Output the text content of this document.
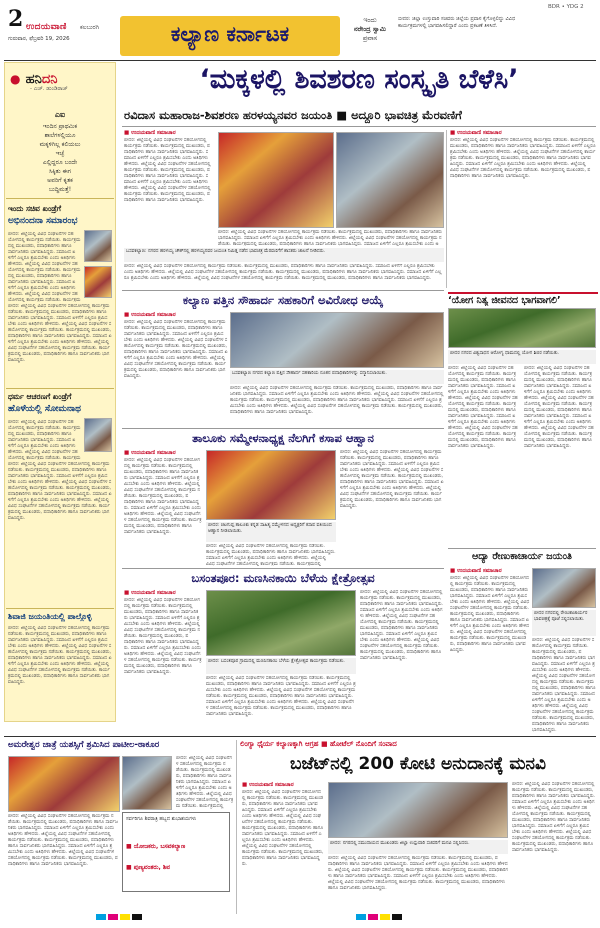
2 ಉದಯವಾಣಿ ಕಲಬುರಗಿ
ಗುರುವಾರ, ಫೆಬ್ರವರಿ 19, 2026	ಕಲ್ಯಾಣ ಕರ್ನಾಟಕ
ಇಂದು
ನರೇಂದ್ರ ಸ್ವಾಮಿ
ಪ್ರವಾಸ
ಬೀದರ: ಜಿಲ್ಲಾ ಉಸ್ತುವಾರಿ ಸಚಿವರು ಜಿಲ್ಲೆಯ ಪ್ರವಾಸ ಕೈಗೊಳ್ಳಲಿದ್ದು ವಿವಿಧ ಕಾರ್ಯಕ್ರಮಗಳಲ್ಲಿ ಭಾಗವಹಿಸಲಿದ್ದಾರೆ ಎಂದು ಪ್ರಕಟಣೆ ತಿಳಿಸಿದೆ.
BDR • YDG 2
● ಹನಿದನಿ
- ಎಚ್. ಡುಂಡಿರಾಜ್
ಎಐ
ಇಂದಿನ ಪ್ರಾಥಮಿಕ
ಶಾಲೆಗಳಲ್ಲಿಯೂ
ಮಕ್ಕಳಿಗಿಲ್ಲ ಕಲಿಯಲು
ಇಚ್ಛೆ
ಎಲ್ಲಿದ್ದರೂ ಬಂದೇ
ಸಿಕ್ಕಿತು ಈಗ
ಅವರಿಗೆ ಕೃತಕ
ಬುದ್ಧಿಮತ್ತೆ!
ಇಂದು ಸಚಿವ ಖಂಡ್ರೆಗೆ
ಅಭಿನಂದನಾ ಸಮಾರಂಭ
ಬೀದರ: ಜಿಲ್ಲೆಯಲ್ಲಿ ವಿವಿಧ ಸಂಘಟನೆಗಳ ಸಹಯೋಗದಲ್ಲಿ ಕಾರ್ಯಕ್ರಮ ನಡೆಯಿತು. ಕಾರ್ಯಕ್ರಮದಲ್ಲಿ ಮುಖಂಡರು, ಪದಾಧಿಕಾರಿಗಳು ಹಾಗೂ ಸಾರ್ವಜನಿಕರು ಭಾಗವಹಿಸಿದ್ದರು. ಸಮಾಜದ ಏಳಿಗೆಗೆ ಎಲ್ಲರೂ ಶ್ರಮಿಸಬೇಕು ಎಂದು ಅತಿಥಿಗಳು ಹೇಳಿದರು. ಜಿಲ್ಲೆಯಲ್ಲಿ ವಿವಿಧ ಸಂಘಟನೆಗಳ ಸಹಯೋಗದಲ್ಲಿ ಕಾರ್ಯಕ್ರಮ ನಡೆಯಿತು. ಕಾರ್ಯಕ್ರಮದಲ್ಲಿ ಮುಖಂಡರು, ಪದಾಧಿಕಾರಿಗಳು ಹಾಗೂ ಸಾರ್ವಜನಿಕರು ಭಾಗವಹಿಸಿದ್ದರು. ಸಮಾಜದ ಏಳಿಗೆಗೆ ಎಲ್ಲರೂ ಶ್ರಮಿಸಬೇಕು ಎಂದು ಅತಿಥಿಗಳು ಹೇಳಿದರು. ಜಿಲ್ಲೆಯಲ್ಲಿ ವಿವಿಧ ಸಂಘಟನೆಗಳ ಸಹಯೋಗದಲ್ಲಿ ಕಾರ್ಯಕ್ರಮ ನಡೆಯಿತು. ಕಾರ್ಯಕ್ರಮ
ಬೀದರ: ಜಿಲ್ಲೆಯಲ್ಲಿ ವಿವಿಧ ಸಂಘಟನೆಗಳ ಸಹಯೋಗದಲ್ಲಿ ಕಾರ್ಯಕ್ರಮ ನಡೆಯಿತು. ಕಾರ್ಯಕ್ರಮದಲ್ಲಿ ಮುಖಂಡರು, ಪದಾಧಿಕಾರಿಗಳು ಹಾಗೂ ಸಾರ್ವಜನಿಕರು ಭಾಗವಹಿಸಿದ್ದರು. ಸಮಾಜದ ಏಳಿಗೆಗೆ ಎಲ್ಲರೂ ಶ್ರಮಿಸಬೇಕು ಎಂದು ಅತಿಥಿಗಳು ಹೇಳಿದರು. ಜಿಲ್ಲೆಯಲ್ಲಿ ವಿವಿಧ ಸಂಘಟನೆಗಳ ಸಹಯೋಗದಲ್ಲಿ ಕಾರ್ಯಕ್ರಮ ನಡೆಯಿತು. ಕಾರ್ಯಕ್ರಮದಲ್ಲಿ ಮುಖಂಡರು, ಪದಾಧಿಕಾರಿಗಳು ಹಾಗೂ ಸಾರ್ವಜನಿಕರು ಭಾಗವಹಿಸಿದ್ದರು. ಸಮಾಜದ ಏಳಿಗೆಗೆ ಎಲ್ಲರೂ ಶ್ರಮಿಸಬೇಕು ಎಂದು ಅತಿಥಿಗಳು ಹೇಳಿದರು. ಜಿಲ್ಲೆಯಲ್ಲಿ ವಿವಿಧ ಸಂಘಟನೆಗಳ ಸಹಯೋಗದಲ್ಲಿ ಕಾರ್ಯಕ್ರಮ ನಡೆಯಿತು. ಕಾರ್ಯಕ್ರಮದಲ್ಲಿ ಮುಖಂಡರು, ಪದಾಧಿಕಾರಿಗಳು ಹಾಗೂ ಸಾರ್ವಜನಿಕರು ಭಾಗವಹಿಸಿದ್ದರು.
ಧರ್ಮ ಆಚರಣಗೆ ಖಂಡ್ರೆಗೆ
ಹೊಳೆಯಲ್ಲಿ ಸೋಮನಾಥ
ಬೀದರ: ಜಿಲ್ಲೆಯಲ್ಲಿ ವಿವಿಧ ಸಂಘಟನೆಗಳ ಸಹಯೋಗದಲ್ಲಿ ಕಾರ್ಯಕ್ರಮ ನಡೆಯಿತು. ಕಾರ್ಯಕ್ರಮದಲ್ಲಿ ಮುಖಂಡರು, ಪದಾಧಿಕಾರಿಗಳು ಹಾಗೂ ಸಾರ್ವಜನಿಕರು ಭಾಗವಹಿಸಿದ್ದರು. ಸಮಾಜದ ಏಳಿಗೆಗೆ ಎಲ್ಲರೂ ಶ್ರಮಿಸಬೇಕು ಎಂದು ಅತಿಥಿಗಳು ಹೇಳಿದರು. ಜಿಲ್ಲೆಯಲ್ಲಿ ವಿವಿಧ ಸಂಘಟನೆಗಳ ಸಹಯೋಗದಲ್ಲಿ ಕಾರ್ಯಕ್ರಮ ನಡೆಯಿತು. ಕಾರ್ಯಕ್ರಮ
ಬೀದರ: ಜಿಲ್ಲೆಯಲ್ಲಿ ವಿವಿಧ ಸಂಘಟನೆಗಳ ಸಹಯೋಗದಲ್ಲಿ ಕಾರ್ಯಕ್ರಮ ನಡೆಯಿತು. ಕಾರ್ಯಕ್ರಮದಲ್ಲಿ ಮುಖಂಡರು, ಪದಾಧಿಕಾರಿಗಳು ಹಾಗೂ ಸಾರ್ವಜನಿಕರು ಭಾಗವಹಿಸಿದ್ದರು. ಸಮಾಜದ ಏಳಿಗೆಗೆ ಎಲ್ಲರೂ ಶ್ರಮಿಸಬೇಕು ಎಂದು ಅತಿಥಿಗಳು ಹೇಳಿದರು. ಜಿಲ್ಲೆಯಲ್ಲಿ ವಿವಿಧ ಸಂಘಟನೆಗಳ ಸಹಯೋಗದಲ್ಲಿ ಕಾರ್ಯಕ್ರಮ ನಡೆಯಿತು. ಕಾರ್ಯಕ್ರಮದಲ್ಲಿ ಮುಖಂಡರು, ಪದಾಧಿಕಾರಿಗಳು ಹಾಗೂ ಸಾರ್ವಜನಿಕರು ಭಾಗವಹಿಸಿದ್ದರು. ಸಮಾಜದ ಏಳಿಗೆಗೆ ಎಲ್ಲರೂ ಶ್ರಮಿಸಬೇಕು ಎಂದು ಅತಿಥಿಗಳು ಹೇಳಿದರು. ಜಿಲ್ಲೆಯಲ್ಲಿ ವಿವಿಧ ಸಂಘಟನೆಗಳ ಸಹಯೋಗದಲ್ಲಿ ಕಾರ್ಯಕ್ರಮ ನಡೆಯಿತು. ಕಾರ್ಯಕ್ರಮದಲ್ಲಿ ಮುಖಂಡರು, ಪದಾಧಿಕಾರಿಗಳು ಹಾಗೂ ಸಾರ್ವಜನಿಕರು ಭಾಗವಹಿಸಿದ್ದರು.
ಶಿವಾಜಿ ಜಯಂತಿಯಲ್ಲಿ ಪಾಲ್ಗೊಳ್ಳಿ
ಬೀದರ: ಜಿಲ್ಲೆಯಲ್ಲಿ ವಿವಿಧ ಸಂಘಟನೆಗಳ ಸಹಯೋಗದಲ್ಲಿ ಕಾರ್ಯಕ್ರಮ ನಡೆಯಿತು. ಕಾರ್ಯಕ್ರಮದಲ್ಲಿ ಮುಖಂಡರು, ಪದಾಧಿಕಾರಿಗಳು ಹಾಗೂ ಸಾರ್ವಜನಿಕರು ಭಾಗವಹಿಸಿದ್ದರು. ಸಮಾಜದ ಏಳಿಗೆಗೆ ಎಲ್ಲರೂ ಶ್ರಮಿಸಬೇಕು ಎಂದು ಅತಿಥಿಗಳು ಹೇಳಿದರು. ಜಿಲ್ಲೆಯಲ್ಲಿ ವಿವಿಧ ಸಂಘಟನೆಗಳ ಸಹಯೋಗದಲ್ಲಿ ಕಾರ್ಯಕ್ರಮ ನಡೆಯಿತು. ಕಾರ್ಯಕ್ರಮದಲ್ಲಿ ಮುಖಂಡರು, ಪದಾಧಿಕಾರಿಗಳು ಹಾಗೂ ಸಾರ್ವಜನಿಕರು ಭಾಗವಹಿಸಿದ್ದರು. ಸಮಾಜದ ಏಳಿಗೆಗೆ ಎಲ್ಲರೂ ಶ್ರಮಿಸಬೇಕು ಎಂದು ಅತಿಥಿಗಳು ಹೇಳಿದರು. ಜಿಲ್ಲೆಯಲ್ಲಿ ವಿವಿಧ ಸಂಘಟನೆಗಳ ಸಹಯೋಗದಲ್ಲಿ ಕಾರ್ಯಕ್ರಮ ನಡೆಯಿತು. ಕಾರ್ಯಕ್ರಮದಲ್ಲಿ ಮುಖಂಡರು, ಪದಾಧಿಕಾರಿಗಳು ಹಾಗೂ ಸಾರ್ವಜನಿಕರು ಭಾಗವಹಿಸಿದ್ದರು.
‘ಮಕ್ಕಳಲ್ಲಿ ಶಿವಶರಣ ಸಂಸ್ಕೃತಿ ಬೆಳೆಸಿ’
ರವಿದಾಸ ಮಹಾರಾಜ-ಶಿವಶರಣ ಹರಳಯ್ಯನವರ ಜಯಂತಿ ■ ಅದ್ದೂರಿ ಭಾವಚಿತ್ರ ಮೆರವಣಿಗೆ
■ ಉದಯವಾಣಿ ಸಮಾಚಾರ
ಬೀದರ: ಜಿಲ್ಲೆಯಲ್ಲಿ ವಿವಿಧ ಸಂಘಟನೆಗಳ ಸಹಯೋಗದಲ್ಲಿ ಕಾರ್ಯಕ್ರಮ ನಡೆಯಿತು. ಕಾರ್ಯಕ್ರಮದಲ್ಲಿ ಮುಖಂಡರು, ಪದಾಧಿಕಾರಿಗಳು ಹಾಗೂ ಸಾರ್ವಜನಿಕರು ಭಾಗವಹಿಸಿದ್ದರು. ಸಮಾಜದ ಏಳಿಗೆಗೆ ಎಲ್ಲರೂ ಶ್ರಮಿಸಬೇಕು ಎಂದು ಅತಿಥಿಗಳು ಹೇಳಿದರು. ಜಿಲ್ಲೆಯಲ್ಲಿ ವಿವಿಧ ಸಂಘಟನೆಗಳ ಸಹಯೋಗದಲ್ಲಿ ಕಾರ್ಯಕ್ರಮ ನಡೆಯಿತು. ಕಾರ್ಯಕ್ರಮದಲ್ಲಿ ಮುಖಂಡರು, ಪದಾಧಿಕಾರಿಗಳು ಹಾಗೂ ಸಾರ್ವಜನಿಕರು ಭಾಗವಹಿಸಿದ್ದರು. ಸಮಾಜದ ಏಳಿಗೆಗೆ ಎಲ್ಲರೂ ಶ್ರಮಿಸಬೇಕು ಎಂದು ಅತಿಥಿಗಳು ಹೇಳಿದರು. ಜಿಲ್ಲೆಯಲ್ಲಿ ವಿವಿಧ ಸಂಘಟನೆಗಳ ಸಹಯೋಗದಲ್ಲಿ ಕಾರ್ಯಕ್ರಮ ನಡೆಯಿತು. ಕಾರ್ಯಕ್ರಮದಲ್ಲಿ ಮುಖಂಡರು, ಪದಾಧಿಕಾರಿಗಳು ಹಾಗೂ ಸಾರ್ವಜನಿಕರು ಭಾಗವಹಿಸಿದ್ದರು.
ಬೀದರ: ಜಿಲ್ಲೆಯಲ್ಲಿ ವಿವಿಧ ಸಂಘಟನೆಗಳ ಸಹಯೋಗದಲ್ಲಿ ಕಾರ್ಯಕ್ರಮ ನಡೆಯಿತು. ಕಾರ್ಯಕ್ರಮದಲ್ಲಿ ಮುಖಂಡರು, ಪದಾಧಿಕಾರಿಗಳು ಹಾಗೂ ಸಾರ್ವಜನಿಕರು ಭಾಗವಹಿಸಿದ್ದರು. ಸಮಾಜದ ಏಳಿಗೆಗೆ ಎಲ್ಲರೂ ಶ್ರಮಿಸಬೇಕು ಎಂದು ಅತಿಥಿಗಳು ಹೇಳಿದರು. ಜಿಲ್ಲೆಯಲ್ಲಿ ವಿವಿಧ ಸಂಘಟನೆಗಳ ಸಹಯೋಗದಲ್ಲಿ ಕಾರ್ಯಕ್ರಮ ನಡೆಯಿತು. ಕಾರ್ಯಕ್ರಮದಲ್ಲಿ ಮುಖಂಡರು, ಪದಾಧಿಕಾರಿಗಳು ಹಾಗೂ ಸಾರ್ವಜನಿಕರು ಭಾಗವಹಿಸಿದ್ದರು. ಸಮಾಜದ ಏಳಿಗೆಗೆ ಎಲ್ಲರೂ ಶ್ರಮಿಸಬೇಕು ಎಂದು ಅ
■ ಉದಯವಾಣಿ ಸಮಾಚಾರ
ಬೀದರ: ಜಿಲ್ಲೆಯಲ್ಲಿ ವಿವಿಧ ಸಂಘಟನೆಗಳ ಸಹಯೋಗದಲ್ಲಿ ಕಾರ್ಯಕ್ರಮ ನಡೆಯಿತು. ಕಾರ್ಯಕ್ರಮದಲ್ಲಿ ಮುಖಂಡರು, ಪದಾಧಿಕಾರಿಗಳು ಹಾಗೂ ಸಾರ್ವಜನಿಕರು ಭಾಗವಹಿಸಿದ್ದರು. ಸಮಾಜದ ಏಳಿಗೆಗೆ ಎಲ್ಲರೂ ಶ್ರಮಿಸಬೇಕು ಎಂದು ಅತಿಥಿಗಳು ಹೇಳಿದರು. ಜಿಲ್ಲೆಯಲ್ಲಿ ವಿವಿಧ ಸಂಘಟನೆಗಳ ಸಹಯೋಗದಲ್ಲಿ ಕಾರ್ಯಕ್ರಮ ನಡೆಯಿತು. ಕಾರ್ಯಕ್ರಮದಲ್ಲಿ ಮುಖಂಡರು, ಪದಾಧಿಕಾರಿಗಳು ಹಾಗೂ ಸಾರ್ವಜನಿಕರು ಭಾಗವಹಿಸಿದ್ದರು. ಸಮಾಜದ ಏಳಿಗೆಗೆ ಎಲ್ಲರೂ ಶ್ರಮಿಸಬೇಕು ಎಂದು ಅತಿಥಿಗಳು ಹೇಳಿದರು. ಜಿಲ್ಲೆಯಲ್ಲಿ ವಿವಿಧ ಸಂಘಟನೆಗಳ ಸಹಯೋಗದಲ್ಲಿ ಕಾರ್ಯಕ್ರಮ ನಡೆಯಿತು. ಕಾರ್ಯಕ್ರಮದಲ್ಲಿ ಮುಖಂಡರು, ಪದಾಧಿಕಾರಿಗಳು ಹಾಗೂ ಸಾರ್ವಜನಿಕರು ಭಾಗವಹಿಸಿದ್ದರು.
ಬಸವಕಲ್ಯಾಣ: ನಗರದ ಹರಳಯ್ಯ ಚೌಕ್‌ನಲ್ಲಿ ಹರಳಯ್ಯನವರ ಜಯಂತಿ ನಿಮಿತ್ತ ನಡೆದ ಭಾವಚಿತ್ರ ಮೆರವಣಿಗೆಗೆ ಶಾಸಕರು ಚಾಲನೆ ನೀಡಿದರು.
ಬೀದರ: ಜಿಲ್ಲೆಯಲ್ಲಿ ವಿವಿಧ ಸಂಘಟನೆಗಳ ಸಹಯೋಗದಲ್ಲಿ ಕಾರ್ಯಕ್ರಮ ನಡೆಯಿತು. ಕಾರ್ಯಕ್ರಮದಲ್ಲಿ ಮುಖಂಡರು, ಪದಾಧಿಕಾರಿಗಳು ಹಾಗೂ ಸಾರ್ವಜನಿಕರು ಭಾಗವಹಿಸಿದ್ದರು. ಸಮಾಜದ ಏಳಿಗೆಗೆ ಎಲ್ಲರೂ ಶ್ರಮಿಸಬೇಕು ಎಂದು ಅತಿಥಿಗಳು ಹೇಳಿದರು. ಜಿಲ್ಲೆಯಲ್ಲಿ ವಿವಿಧ ಸಂಘಟನೆಗಳ ಸಹಯೋಗದಲ್ಲಿ ಕಾರ್ಯಕ್ರಮ ನಡೆಯಿತು. ಕಾರ್ಯಕ್ರಮದಲ್ಲಿ ಮುಖಂಡರು, ಪದಾಧಿಕಾರಿಗಳು ಹಾಗೂ ಸಾರ್ವಜನಿಕರು ಭಾಗವಹಿಸಿದ್ದರು. ಸಮಾಜದ ಏಳಿಗೆಗೆ ಎಲ್ಲರೂ ಶ್ರಮಿಸಬೇಕು ಎಂದು ಅತಿಥಿಗಳು ಹೇಳಿದರು. ಜಿಲ್ಲೆಯಲ್ಲಿ ವಿವಿಧ ಸಂಘಟನೆಗಳ ಸಹಯೋಗದಲ್ಲಿ ಕಾರ್ಯಕ್ರಮ ನಡೆಯಿತು. ಕಾರ್ಯಕ್ರಮದಲ್ಲಿ ಮುಖಂಡರು, ಪದಾಧಿಕಾರಿಗಳು ಹಾಗೂ ಸಾರ್ವಜನಿಕರು ಭಾಗವಹಿಸಿದ್ದರು.
ಕಲ್ಯಾಣ ಪತ್ತಿನ ಸೌಹಾರ್ದ ಸಹಕಾರಿಗೆ ಅವಿರೋಧ ಆಯ್ಕೆ
■ ಉದಯವಾಣಿ ಸಮಾಚಾರ
ಬೀದರ: ಜಿಲ್ಲೆಯಲ್ಲಿ ವಿವಿಧ ಸಂಘಟನೆಗಳ ಸಹಯೋಗದಲ್ಲಿ ಕಾರ್ಯಕ್ರಮ ನಡೆಯಿತು. ಕಾರ್ಯಕ್ರಮದಲ್ಲಿ ಮುಖಂಡರು, ಪದಾಧಿಕಾರಿಗಳು ಹಾಗೂ ಸಾರ್ವಜನಿಕರು ಭಾಗವಹಿಸಿದ್ದರು. ಸಮಾಜದ ಏಳಿಗೆಗೆ ಎಲ್ಲರೂ ಶ್ರಮಿಸಬೇಕು ಎಂದು ಅತಿಥಿಗಳು ಹೇಳಿದರು. ಜಿಲ್ಲೆಯಲ್ಲಿ ವಿವಿಧ ಸಂಘಟನೆಗಳ ಸಹಯೋಗದಲ್ಲಿ ಕಾರ್ಯಕ್ರಮ ನಡೆಯಿತು. ಕಾರ್ಯಕ್ರಮದಲ್ಲಿ ಮುಖಂಡರು, ಪದಾಧಿಕಾರಿಗಳು ಹಾಗೂ ಸಾರ್ವಜನಿಕರು ಭಾಗವಹಿಸಿದ್ದರು. ಸಮಾಜದ ಏಳಿಗೆಗೆ ಎಲ್ಲರೂ ಶ್ರಮಿಸಬೇಕು ಎಂದು ಅತಿಥಿಗಳು ಹೇಳಿದರು. ಜಿಲ್ಲೆಯಲ್ಲಿ ವಿವಿಧ ಸಂಘಟನೆಗಳ ಸಹಯೋಗದಲ್ಲಿ ಕಾರ್ಯಕ್ರಮ ನಡೆಯಿತು. ಕಾರ್ಯಕ್ರಮದಲ್ಲಿ ಮುಖಂಡರು, ಪದಾಧಿಕಾರಿಗಳು ಹಾಗೂ ಸಾರ್ವಜನಿಕರು ಭಾಗವಹಿಸಿದ್ದರು.
ಬಸವಕಲ್ಯಾಣ ನಗರದ ಕಲ್ಯಾಣ ಪತ್ತಿನ ಸೌಹಾರ್ದ ಸಹಕಾರಿಯ ನೂತನ ಪದಾಧಿಕಾರಿಗಳನ್ನು ಸನ್ಮಾನಿಸಲಾಯಿತು.
ಬೀದರ: ಜಿಲ್ಲೆಯಲ್ಲಿ ವಿವಿಧ ಸಂಘಟನೆಗಳ ಸಹಯೋಗದಲ್ಲಿ ಕಾರ್ಯಕ್ರಮ ನಡೆಯಿತು. ಕಾರ್ಯಕ್ರಮದಲ್ಲಿ ಮುಖಂಡರು, ಪದಾಧಿಕಾರಿಗಳು ಹಾಗೂ ಸಾರ್ವಜನಿಕರು ಭಾಗವಹಿಸಿದ್ದರು. ಸಮಾಜದ ಏಳಿಗೆಗೆ ಎಲ್ಲರೂ ಶ್ರಮಿಸಬೇಕು ಎಂದು ಅತಿಥಿಗಳು ಹೇಳಿದರು. ಜಿಲ್ಲೆಯಲ್ಲಿ ವಿವಿಧ ಸಂಘಟನೆಗಳ ಸಹಯೋಗದಲ್ಲಿ ಕಾರ್ಯಕ್ರಮ ನಡೆಯಿತು. ಕಾರ್ಯಕ್ರಮದಲ್ಲಿ ಮುಖಂಡರು, ಪದಾಧಿಕಾರಿಗಳು ಹಾಗೂ ಸಾರ್ವಜನಿಕರು ಭಾಗವಹಿಸಿದ್ದರು. ಸಮಾಜದ ಏಳಿಗೆಗೆ ಎಲ್ಲರೂ ಶ್ರಮಿಸಬೇಕು ಎಂದು ಅತಿಥಿಗಳು ಹೇಳಿದರು. ಜಿಲ್ಲೆಯಲ್ಲಿ ವಿವಿಧ ಸಂಘಟನೆಗಳ ಸಹಯೋಗದಲ್ಲಿ ಕಾರ್ಯಕ್ರಮ ನಡೆಯಿತು. ಕಾರ್ಯಕ್ರಮದಲ್ಲಿ ಮುಖಂಡರು, ಪದಾಧಿಕಾರಿಗಳು ಹಾಗೂ ಸಾರ್ವಜನಿಕರು ಭಾಗವಹಿಸಿದ್ದರು.
‘ಯೋಗ ನಿತ್ಯ ಜೀವನದ ಭಾಗವಾಗಲಿ’
ಬೀದರ ನಗರದ ವಿಶ್ವಸಾಧನ ಆರೋಗ್ಯ ಧಾಮದಲ್ಲಿ ಯೋಗ ಶಿಬಿರ ನಡೆಯಿತು.
ಬೀದರ: ಜಿಲ್ಲೆಯಲ್ಲಿ ವಿವಿಧ ಸಂಘಟನೆಗಳ ಸಹಯೋಗದಲ್ಲಿ ಕಾರ್ಯಕ್ರಮ ನಡೆಯಿತು. ಕಾರ್ಯಕ್ರಮದಲ್ಲಿ ಮುಖಂಡರು, ಪದಾಧಿಕಾರಿಗಳು ಹಾಗೂ ಸಾರ್ವಜನಿಕರು ಭಾಗವಹಿಸಿದ್ದರು. ಸಮಾಜದ ಏಳಿಗೆಗೆ ಎಲ್ಲರೂ ಶ್ರಮಿಸಬೇಕು ಎಂದು ಅತಿಥಿಗಳು ಹೇಳಿದರು. ಜಿಲ್ಲೆಯಲ್ಲಿ ವಿವಿಧ ಸಂಘಟನೆಗಳ ಸಹಯೋಗದಲ್ಲಿ ಕಾರ್ಯಕ್ರಮ ನಡೆಯಿತು. ಕಾರ್ಯಕ್ರಮದಲ್ಲಿ ಮುಖಂಡರು, ಪದಾಧಿಕಾರಿಗಳು ಹಾಗೂ ಸಾರ್ವಜನಿಕರು ಭಾಗವಹಿಸಿದ್ದರು. ಸಮಾಜದ ಏಳಿಗೆಗೆ ಎಲ್ಲರೂ ಶ್ರಮಿಸಬೇಕು ಎಂದು ಅತಿಥಿಗಳು ಹೇಳಿದರು. ಜಿಲ್ಲೆಯಲ್ಲಿ ವಿವಿಧ ಸಂಘಟನೆಗಳ ಸಹಯೋಗದಲ್ಲಿ ಕಾರ್ಯಕ್ರಮ ನಡೆಯಿತು. ಕಾರ್ಯಕ್ರಮದಲ್ಲಿ ಮುಖಂಡರು, ಪದಾಧಿಕಾರಿಗಳು ಹಾಗೂ ಸಾರ್ವಜನಿಕರು ಭಾಗವಹಿಸಿದ್ದರು.
ಬೀದರ: ಜಿಲ್ಲೆಯಲ್ಲಿ ವಿವಿಧ ಸಂಘಟನೆಗಳ ಸಹಯೋಗದಲ್ಲಿ ಕಾರ್ಯಕ್ರಮ ನಡೆಯಿತು. ಕಾರ್ಯಕ್ರಮದಲ್ಲಿ ಮುಖಂಡರು, ಪದಾಧಿಕಾರಿಗಳು ಹಾಗೂ ಸಾರ್ವಜನಿಕರು ಭಾಗವಹಿಸಿದ್ದರು. ಸಮಾಜದ ಏಳಿಗೆಗೆ ಎಲ್ಲರೂ ಶ್ರಮಿಸಬೇಕು ಎಂದು ಅತಿಥಿಗಳು ಹೇಳಿದರು. ಜಿಲ್ಲೆಯಲ್ಲಿ ವಿವಿಧ ಸಂಘಟನೆಗಳ ಸಹಯೋಗದಲ್ಲಿ ಕಾರ್ಯಕ್ರಮ ನಡೆಯಿತು. ಕಾರ್ಯಕ್ರಮದಲ್ಲಿ ಮುಖಂಡರು, ಪದಾಧಿಕಾರಿಗಳು ಹಾಗೂ ಸಾರ್ವಜನಿಕರು ಭಾಗವಹಿಸಿದ್ದರು. ಸಮಾಜದ ಏಳಿಗೆಗೆ ಎಲ್ಲರೂ ಶ್ರಮಿಸಬೇಕು ಎಂದು ಅತಿಥಿಗಳು ಹೇಳಿದರು. ಜಿಲ್ಲೆಯಲ್ಲಿ ವಿವಿಧ ಸಂಘಟನೆಗಳ ಸಹಯೋಗದಲ್ಲಿ ಕಾರ್ಯಕ್ರಮ ನಡೆಯಿತು. ಕಾರ್ಯಕ್ರಮದಲ್ಲಿ ಮುಖಂಡರು, ಪದಾಧಿಕಾರಿಗಳು ಹಾಗೂ ಸಾರ್ವಜನಿಕರು ಭಾಗವಹಿಸಿದ್ದರು.
ತಾಲೂಕು ಸಮ್ಮೇಳನಾಧ್ಯಕ್ಷ ನೆಲಗಿಗೆ ಕಸಾಪ ಆಹ್ವಾನ
■ ಉದಯವಾಣಿ ಸಮಾಚಾರ
ಬೀದರ: ಜಿಲ್ಲೆಯಲ್ಲಿ ವಿವಿಧ ಸಂಘಟನೆಗಳ ಸಹಯೋಗದಲ್ಲಿ ಕಾರ್ಯಕ್ರಮ ನಡೆಯಿತು. ಕಾರ್ಯಕ್ರಮದಲ್ಲಿ ಮುಖಂಡರು, ಪದಾಧಿಕಾರಿಗಳು ಹಾಗೂ ಸಾರ್ವಜನಿಕರು ಭಾಗವಹಿಸಿದ್ದರು. ಸಮಾಜದ ಏಳಿಗೆಗೆ ಎಲ್ಲರೂ ಶ್ರಮಿಸಬೇಕು ಎಂದು ಅತಿಥಿಗಳು ಹೇಳಿದರು. ಜಿಲ್ಲೆಯಲ್ಲಿ ವಿವಿಧ ಸಂಘಟನೆಗಳ ಸಹಯೋಗದಲ್ಲಿ ಕಾರ್ಯಕ್ರಮ ನಡೆಯಿತು. ಕಾರ್ಯಕ್ರಮದಲ್ಲಿ ಮುಖಂಡರು, ಪದಾಧಿಕಾರಿಗಳು ಹಾಗೂ ಸಾರ್ವಜನಿಕರು ಭಾಗವಹಿಸಿದ್ದರು. ಸಮಾಜದ ಏಳಿಗೆಗೆ ಎಲ್ಲರೂ ಶ್ರಮಿಸಬೇಕು ಎಂದು ಅತಿಥಿಗಳು ಹೇಳಿದರು. ಜಿಲ್ಲೆಯಲ್ಲಿ ವಿವಿಧ ಸಂಘಟನೆಗಳ ಸಹಯೋಗದಲ್ಲಿ ಕಾರ್ಯಕ್ರಮ ನಡೆಯಿತು. ಕಾರ್ಯಕ್ರಮದಲ್ಲಿ ಮುಖಂಡರು, ಪದಾಧಿಕಾರಿಗಳು ಹಾಗೂ ಸಾರ್ವಜನಿಕರು ಭಾಗವಹಿಸಿದ್ದರು.
ಬೀದರ: ಚಿಟಗುಪ್ಪ ತಾಲೂಕು ಕನ್ನಡ ಸಾಹಿತ್ಯ ಸಮ್ಮೇಳನದ ಅಧ್ಯಕ್ಷರಿಗೆ ಕಸಾಪ ವತಿಯಿಂದ ಆಹ್ವಾನ ನೀಡಲಾಯಿತು.
ಬೀದರ: ಜಿಲ್ಲೆಯಲ್ಲಿ ವಿವಿಧ ಸಂಘಟನೆಗಳ ಸಹಯೋಗದಲ್ಲಿ ಕಾರ್ಯಕ್ರಮ ನಡೆಯಿತು. ಕಾರ್ಯಕ್ರಮದಲ್ಲಿ ಮುಖಂಡರು, ಪದಾಧಿಕಾರಿಗಳು ಹಾಗೂ ಸಾರ್ವಜನಿಕರು ಭಾಗವಹಿಸಿದ್ದರು. ಸಮಾಜದ ಏಳಿಗೆಗೆ ಎಲ್ಲರೂ ಶ್ರಮಿಸಬೇಕು ಎಂದು ಅತಿಥಿಗಳು ಹೇಳಿದರು. ಜಿಲ್ಲೆಯಲ್ಲಿ ವಿವಿಧ ಸಂಘಟನೆಗಳ ಸಹಯೋಗದಲ್ಲಿ ಕಾರ್ಯಕ್ರಮ ನಡೆಯಿತು. ಕಾರ್ಯಕ್ರಮದಲ್ಲಿ
ಬೀದರ: ಜಿಲ್ಲೆಯಲ್ಲಿ ವಿವಿಧ ಸಂಘಟನೆಗಳ ಸಹಯೋಗದಲ್ಲಿ ಕಾರ್ಯಕ್ರಮ ನಡೆಯಿತು. ಕಾರ್ಯಕ್ರಮದಲ್ಲಿ ಮುಖಂಡರು, ಪದಾಧಿಕಾರಿಗಳು ಹಾಗೂ ಸಾರ್ವಜನಿಕರು ಭಾಗವಹಿಸಿದ್ದರು. ಸಮಾಜದ ಏಳಿಗೆಗೆ ಎಲ್ಲರೂ ಶ್ರಮಿಸಬೇಕು ಎಂದು ಅತಿಥಿಗಳು ಹೇಳಿದರು. ಜಿಲ್ಲೆಯಲ್ಲಿ ವಿವಿಧ ಸಂಘಟನೆಗಳ ಸಹಯೋಗದಲ್ಲಿ ಕಾರ್ಯಕ್ರಮ ನಡೆಯಿತು. ಕಾರ್ಯಕ್ರಮದಲ್ಲಿ ಮುಖಂಡರು, ಪದಾಧಿಕಾರಿಗಳು ಹಾಗೂ ಸಾರ್ವಜನಿಕರು ಭಾಗವಹಿಸಿದ್ದರು. ಸಮಾಜದ ಏಳಿಗೆಗೆ ಎಲ್ಲರೂ ಶ್ರಮಿಸಬೇಕು ಎಂದು ಅತಿಥಿಗಳು ಹೇಳಿದರು. ಜಿಲ್ಲೆಯಲ್ಲಿ ವಿವಿಧ ಸಂಘಟನೆಗಳ ಸಹಯೋಗದಲ್ಲಿ ಕಾರ್ಯಕ್ರಮ ನಡೆಯಿತು. ಕಾರ್ಯಕ್ರಮದಲ್ಲಿ ಮುಖಂಡರು, ಪದಾಧಿಕಾರಿಗಳು ಹಾಗೂ ಸಾರ್ವಜನಿಕರು ಭಾಗವಹಿಸಿದ್ದರು.
ಆದ್ಯಾ ರೇಣುಕಾಚಾರ್ಯ ಜಯಂತಿ
■ ಉದಯವಾಣಿ ಸಮಾಚಾರ
ಬೀದರ ನಗರದಲ್ಲಿ ರೇಣುಕಾಚಾರ್ಯರ ಭಾವಚಿತ್ರಕ್ಕೆ ಪೂಜೆ ಸಲ್ಲಿಸಲಾಯಿತು.
ಬೀದರ: ಜಿಲ್ಲೆಯಲ್ಲಿ ವಿವಿಧ ಸಂಘಟನೆಗಳ ಸಹಯೋಗದಲ್ಲಿ ಕಾರ್ಯಕ್ರಮ ನಡೆಯಿತು. ಕಾರ್ಯಕ್ರಮದಲ್ಲಿ ಮುಖಂಡರು, ಪದಾಧಿಕಾರಿಗಳು ಹಾಗೂ ಸಾರ್ವಜನಿಕರು ಭಾಗವಹಿಸಿದ್ದರು. ಸಮಾಜದ ಏಳಿಗೆಗೆ ಎಲ್ಲರೂ ಶ್ರಮಿಸಬೇಕು ಎಂದು ಅತಿಥಿಗಳು ಹೇಳಿದರು. ಜಿಲ್ಲೆಯಲ್ಲಿ ವಿವಿಧ ಸಂಘಟನೆಗಳ ಸಹಯೋಗದಲ್ಲಿ ಕಾರ್ಯಕ್ರಮ ನಡೆಯಿತು. ಕಾರ್ಯಕ್ರಮದಲ್ಲಿ ಮುಖಂಡರು, ಪದಾಧಿಕಾರಿಗಳು ಹಾಗೂ ಸಾರ್ವಜನಿಕರು ಭಾಗವಹಿಸಿದ್ದರು. ಸಮಾಜದ ಏಳಿಗೆಗೆ ಎಲ್ಲರೂ ಶ್ರಮಿಸಬೇಕು ಎಂದು ಅತಿಥಿಗಳು ಹೇಳಿದರು. ಜಿಲ್ಲೆಯಲ್ಲಿ ವಿವಿಧ ಸಂಘಟನೆಗಳ ಸಹಯೋಗದಲ್ಲಿ ಕಾರ್ಯಕ್ರಮ ನಡೆಯಿತು. ಕಾರ್ಯಕ್ರಮದಲ್ಲಿ ಮುಖಂಡರು, ಪದಾಧಿಕಾರಿಗಳು ಹಾಗೂ ಸಾರ್ವಜನಿಕರು ಭಾಗವಹಿಸಿದ್ದರು.
ಬೀದರ: ಜಿಲ್ಲೆಯಲ್ಲಿ ವಿವಿಧ ಸಂಘಟನೆಗಳ ಸಹಯೋಗದಲ್ಲಿ ಕಾರ್ಯಕ್ರಮ ನಡೆಯಿತು. ಕಾರ್ಯಕ್ರಮದಲ್ಲಿ ಮುಖಂಡರು, ಪದಾಧಿಕಾರಿಗಳು ಹಾಗೂ ಸಾರ್ವಜನಿಕರು ಭಾಗವಹಿಸಿದ್ದರು. ಸಮಾಜದ ಏಳಿಗೆಗೆ ಎಲ್ಲರೂ ಶ್ರಮಿಸಬೇಕು ಎಂದು ಅತಿಥಿಗಳು ಹೇಳಿದರು. ಜಿಲ್ಲೆಯಲ್ಲಿ ವಿವಿಧ ಸಂಘಟನೆಗಳ ಸಹಯೋಗದಲ್ಲಿ ಕಾರ್ಯಕ್ರಮ ನಡೆಯಿತು. ಕಾರ್ಯಕ್ರಮದಲ್ಲಿ ಮುಖಂಡರು, ಪದಾಧಿಕಾರಿಗಳು ಹಾಗೂ ಸಾರ್ವಜನಿಕರು ಭಾಗವಹಿಸಿದ್ದರು. ಸಮಾಜದ ಏಳಿಗೆಗೆ ಎಲ್ಲರೂ ಶ್ರಮಿಸಬೇಕು ಎಂದು ಅತಿಥಿಗಳು ಹೇಳಿದರು. ಜಿಲ್ಲೆಯಲ್ಲಿ ವಿವಿಧ ಸಂಘಟನೆಗಳ ಸಹಯೋಗದಲ್ಲಿ ಕಾರ್ಯಕ್ರಮ ನಡೆಯಿತು. ಕಾರ್ಯಕ್ರಮದಲ್ಲಿ ಮುಖಂಡರು, ಪದಾಧಿಕಾರಿಗಳು ಹಾಗೂ ಸಾರ್ವಜನಿಕರು ಭಾಗವಹಿಸಿದ್ದರು.
ಬಸಂತಪೂರ: ಮಣಸಿನಕಾಯಿ ಬೆಳೆಯ ಕ್ಷೇತ್ರೋತ್ಸವ
■ ಉದಯವಾಣಿ ಸಮಾಚಾರ
ಬೀದರ: ಜಿಲ್ಲೆಯಲ್ಲಿ ವಿವಿಧ ಸಂಘಟನೆಗಳ ಸಹಯೋಗದಲ್ಲಿ ಕಾರ್ಯಕ್ರಮ ನಡೆಯಿತು. ಕಾರ್ಯಕ್ರಮದಲ್ಲಿ ಮುಖಂಡರು, ಪದಾಧಿಕಾರಿಗಳು ಹಾಗೂ ಸಾರ್ವಜನಿಕರು ಭಾಗವಹಿಸಿದ್ದರು. ಸಮಾಜದ ಏಳಿಗೆಗೆ ಎಲ್ಲರೂ ಶ್ರಮಿಸಬೇಕು ಎಂದು ಅತಿಥಿಗಳು ಹೇಳಿದರು. ಜಿಲ್ಲೆಯಲ್ಲಿ ವಿವಿಧ ಸಂಘಟನೆಗಳ ಸಹಯೋಗದಲ್ಲಿ ಕಾರ್ಯಕ್ರಮ ನಡೆಯಿತು. ಕಾರ್ಯಕ್ರಮದಲ್ಲಿ ಮುಖಂಡರು, ಪದಾಧಿಕಾರಿಗಳು ಹಾಗೂ ಸಾರ್ವಜನಿಕರು ಭಾಗವಹಿಸಿದ್ದರು. ಸಮಾಜದ ಏಳಿಗೆಗೆ ಎಲ್ಲರೂ ಶ್ರಮಿಸಬೇಕು ಎಂದು ಅತಿಥಿಗಳು ಹೇಳಿದರು. ಜಿಲ್ಲೆಯಲ್ಲಿ ವಿವಿಧ ಸಂಘಟನೆಗಳ ಸಹಯೋಗದಲ್ಲಿ ಕಾರ್ಯಕ್ರಮ ನಡೆಯಿತು. ಕಾರ್ಯಕ್ರಮದಲ್ಲಿ ಮುಖಂಡರು, ಪದಾಧಿಕಾರಿಗಳು ಹಾಗೂ ಸಾರ್ವಜನಿಕರು ಭಾಗವಹಿಸಿದ್ದರು.
ಬೀದರ: ಬಸಂತಪೂರ ಗ್ರಾಮದಲ್ಲಿ ಮಣಸಿನಕಾಯಿ ಬೆಳೆಯ ಕ್ಷೇತ್ರೋತ್ಸವ ಕಾರ್ಯಕ್ರಮ ನಡೆಯಿತು.
ಬೀದರ: ಜಿಲ್ಲೆಯಲ್ಲಿ ವಿವಿಧ ಸಂಘಟನೆಗಳ ಸಹಯೋಗದಲ್ಲಿ ಕಾರ್ಯಕ್ರಮ ನಡೆಯಿತು. ಕಾರ್ಯಕ್ರಮದಲ್ಲಿ ಮುಖಂಡರು, ಪದಾಧಿಕಾರಿಗಳು ಹಾಗೂ ಸಾರ್ವಜನಿಕರು ಭಾಗವಹಿಸಿದ್ದರು. ಸಮಾಜದ ಏಳಿಗೆಗೆ ಎಲ್ಲರೂ ಶ್ರಮಿಸಬೇಕು ಎಂದು ಅತಿಥಿಗಳು ಹೇಳಿದರು. ಜಿಲ್ಲೆಯಲ್ಲಿ ವಿವಿಧ ಸಂಘಟನೆಗಳ ಸಹಯೋಗದಲ್ಲಿ ಕಾರ್ಯಕ್ರಮ ನಡೆಯಿತು. ಕಾರ್ಯಕ್ರಮದಲ್ಲಿ ಮುಖಂಡರು, ಪದಾಧಿಕಾರಿಗಳು ಹಾಗೂ ಸಾರ್ವಜನಿಕರು ಭಾಗವಹಿಸಿದ್ದರು. ಸಮಾಜದ ಏಳಿಗೆಗೆ ಎಲ್ಲರೂ ಶ್ರಮಿಸಬೇಕು ಎಂದು ಅತಿಥಿಗಳು ಹೇಳಿದರು. ಜಿಲ್ಲೆಯಲ್ಲಿ ವಿವಿಧ ಸಂಘಟನೆಗಳ ಸಹಯೋಗದಲ್ಲಿ ಕಾರ್ಯಕ್ರಮ ನಡೆಯಿತು. ಕಾರ್ಯಕ್ರಮದಲ್ಲಿ ಮುಖಂಡರು, ಪದಾಧಿಕಾರಿಗಳು ಹಾಗೂ ಸಾರ್ವಜನಿಕರು ಭಾಗವಹಿಸಿದ್ದರು.
ಬೀದರ: ಜಿಲ್ಲೆಯಲ್ಲಿ ವಿವಿಧ ಸಂಘಟನೆಗಳ ಸಹಯೋಗದಲ್ಲಿ ಕಾರ್ಯಕ್ರಮ ನಡೆಯಿತು. ಕಾರ್ಯಕ್ರಮದಲ್ಲಿ ಮುಖಂಡರು, ಪದಾಧಿಕಾರಿಗಳು ಹಾಗೂ ಸಾರ್ವಜನಿಕರು ಭಾಗವಹಿಸಿದ್ದರು. ಸಮಾಜದ ಏಳಿಗೆಗೆ ಎಲ್ಲರೂ ಶ್ರಮಿಸಬೇಕು ಎಂದು ಅತಿಥಿಗಳು ಹೇಳಿದರು. ಜಿಲ್ಲೆಯಲ್ಲಿ ವಿವಿಧ ಸಂಘಟನೆಗಳ ಸಹಯೋಗದಲ್ಲಿ ಕಾರ್ಯಕ್ರಮ ನಡೆಯಿತು. ಕಾರ್ಯಕ್ರಮದಲ್ಲಿ ಮುಖಂಡರು, ಪದಾಧಿಕಾರಿಗಳು ಹಾಗೂ ಸಾರ್ವಜನಿಕರು ಭಾಗವಹಿಸಿದ್ದರು. ಸಮಾಜದ ಏಳಿಗೆಗೆ ಎಲ್ಲರೂ ಶ್ರಮಿಸಬೇಕು ಎಂದು ಅತಿಥಿಗಳು ಹೇಳಿದರು. ಜಿಲ್ಲೆಯಲ್ಲಿ ವಿವಿಧ ಸಂಘಟನೆಗಳ ಸಹಯೋಗದಲ್ಲಿ ಕಾರ್ಯಕ್ರಮ ನಡೆಯಿತು. ಕಾರ್ಯಕ್ರಮದಲ್ಲಿ ಮುಖಂಡರು, ಪದಾಧಿಕಾರಿಗಳು ಹಾಗೂ ಸಾರ್ವಜನಿಕರು ಭಾಗವಹಿಸಿದ್ದರು.
ಅಮರೇಶ್ವರ ಜಾತ್ರೆ ಯಶಸ್ಸಿಗೆ ಶ್ರಮಿಸಿದ ಪಾಟೀಲ-ಠಾಕೂರ
ಬೀದರ: ಜಿಲ್ಲೆಯಲ್ಲಿ ವಿವಿಧ ಸಂಘಟನೆಗಳ ಸಹಯೋಗದಲ್ಲಿ ಕಾರ್ಯಕ್ರಮ ನಡೆಯಿತು. ಕಾರ್ಯಕ್ರಮದಲ್ಲಿ ಮುಖಂಡರು, ಪದಾಧಿಕಾರಿಗಳು ಹಾಗೂ ಸಾರ್ವಜನಿಕರು ಭಾಗವಹಿಸಿದ್ದರು. ಸಮಾಜದ ಏಳಿಗೆಗೆ ಎಲ್ಲರೂ ಶ್ರಮಿಸಬೇಕು ಎಂದು ಅತಿಥಿಗಳು ಹೇಳಿದರು. ಜಿಲ್ಲೆಯಲ್ಲಿ ವಿವಿಧ ಸಂಘಟನೆಗಳ ಸಹಯೋಗದಲ್ಲಿ ಕಾರ್ಯಕ್ರಮ ನಡೆಯಿತು. ಕಾರ್ಯಕ್ರಮದಲ್ಲಿ
ಬೀದರ: ಜಿಲ್ಲೆಯಲ್ಲಿ ವಿವಿಧ ಸಂಘಟನೆಗಳ ಸಹಯೋಗದಲ್ಲಿ ಕಾರ್ಯಕ್ರಮ ನಡೆಯಿತು. ಕಾರ್ಯಕ್ರಮದಲ್ಲಿ ಮುಖಂಡರು, ಪದಾಧಿಕಾರಿಗಳು ಹಾಗೂ ಸಾರ್ವಜನಿಕರು ಭಾಗವಹಿಸಿದ್ದರು. ಸಮಾಜದ ಏಳಿಗೆಗೆ ಎಲ್ಲರೂ ಶ್ರಮಿಸಬೇಕು ಎಂದು ಅತಿಥಿಗಳು ಹೇಳಿದರು. ಜಿಲ್ಲೆಯಲ್ಲಿ ವಿವಿಧ ಸಂಘಟನೆಗಳ ಸಹಯೋಗದಲ್ಲಿ ಕಾರ್ಯಕ್ರಮ ನಡೆಯಿತು. ಕಾರ್ಯಕ್ರಮದಲ್ಲಿ ಮುಖಂಡರು, ಪದಾಧಿಕಾರಿಗಳು ಹಾಗೂ ಸಾರ್ವಜನಿಕರು ಭಾಗವಹಿಸಿದ್ದರು. ಸಮಾಜದ ಏಳಿಗೆಗೆ ಎಲ್ಲರೂ ಶ್ರಮಿಸಬೇಕು ಎಂದು ಅತಿಥಿಗಳು ಹೇಳಿದರು. ಜಿಲ್ಲೆಯಲ್ಲಿ ವಿವಿಧ ಸಂಘಟನೆಗಳ ಸಹಯೋಗದಲ್ಲಿ ಕಾರ್ಯಕ್ರಮ ನಡೆಯಿತು. ಕಾರ್ಯಕ್ರಮದಲ್ಲಿ ಮುಖಂಡರು, ಪದಾಧಿಕಾರಿಗಳು ಹಾಗೂ ಸಾರ್ವಜನಿಕರು ಭಾಗವಹಿಸಿದ್ದರು.
ಸರ್ವರಿಗೂ ಶಿವರಾತ್ರಿ ಹಬ್ಬದ ಶುಭಾಶಯಗಳು
■ ಯೋಜಕರು, ಬಸವಕಲ್ಯಾಣ
■ ಪುಣ್ಯವಂತರು, ಶಿವ
ಲಿಂಗ್ಯಾ ಧೈರ್ಯ ಕಲ್ಯಾಣಕ್ಕಾಗಿ ಆಗ್ರಹ ■ ಹೋಟೆಲ್‌ ನೊಂದಿಗೆ ಸಂವಾದ
ಬಜೆಟ್‌ನಲ್ಲಿ 200 ಕೋಟಿ ಅನುದಾನಕ್ಕೆ ಮನವಿ
■ ಉದಯವಾಣಿ ಸಮಾಚಾರ
ಬೀದರ: ಜಿಲ್ಲೆಯಲ್ಲಿ ವಿವಿಧ ಸಂಘಟನೆಗಳ ಸಹಯೋಗದಲ್ಲಿ ಕಾರ್ಯಕ್ರಮ ನಡೆಯಿತು. ಕಾರ್ಯಕ್ರಮದಲ್ಲಿ ಮುಖಂಡರು, ಪದಾಧಿಕಾರಿಗಳು ಹಾಗೂ ಸಾರ್ವಜನಿಕರು ಭಾಗವಹಿಸಿದ್ದರು. ಸಮಾಜದ ಏಳಿಗೆಗೆ ಎಲ್ಲರೂ ಶ್ರಮಿಸಬೇಕು ಎಂದು ಅತಿಥಿಗಳು ಹೇಳಿದರು. ಜಿಲ್ಲೆಯಲ್ಲಿ ವಿವಿಧ ಸಂಘಟನೆಗಳ ಸಹಯೋಗದಲ್ಲಿ ಕಾರ್ಯಕ್ರಮ ನಡೆಯಿತು. ಕಾರ್ಯಕ್ರಮದಲ್ಲಿ ಮುಖಂಡರು, ಪದಾಧಿಕಾರಿಗಳು ಹಾಗೂ ಸಾರ್ವಜನಿಕರು ಭಾಗವಹಿಸಿದ್ದರು. ಸಮಾಜದ ಏಳಿಗೆಗೆ ಎಲ್ಲರೂ ಶ್ರಮಿಸಬೇಕು ಎಂದು ಅತಿಥಿಗಳು ಹೇಳಿದರು. ಜಿಲ್ಲೆಯಲ್ಲಿ ವಿವಿಧ ಸಂಘಟನೆಗಳ ಸಹಯೋಗದಲ್ಲಿ ಕಾರ್ಯಕ್ರಮ ನಡೆಯಿತು. ಕಾರ್ಯಕ್ರಮದಲ್ಲಿ ಮುಖಂಡರು, ಪದಾಧಿಕಾರಿಗಳು ಹಾಗೂ ಸಾರ್ವಜನಿಕರು ಭಾಗವಹಿಸಿದ್ದರು.
ಬೀದರ: ನಗರದಲ್ಲಿ ಸಮುದಾಯದ ಮುಖಂಡರು ಜಿಲ್ಲಾ ಉಸ್ತುವಾರಿ ಸಚಿವರಿಗೆ ಮನವಿ ಸಲ್ಲಿಸಿದರು.
ಬೀದರ: ಜಿಲ್ಲೆಯಲ್ಲಿ ವಿವಿಧ ಸಂಘಟನೆಗಳ ಸಹಯೋಗದಲ್ಲಿ ಕಾರ್ಯಕ್ರಮ ನಡೆಯಿತು. ಕಾರ್ಯಕ್ರಮದಲ್ಲಿ ಮುಖಂಡರು, ಪದಾಧಿಕಾರಿಗಳು ಹಾಗೂ ಸಾರ್ವಜನಿಕರು ಭಾಗವಹಿಸಿದ್ದರು. ಸಮಾಜದ ಏಳಿಗೆಗೆ ಎಲ್ಲರೂ ಶ್ರಮಿಸಬೇಕು ಎಂದು ಅತಿಥಿಗಳು ಹೇಳಿದರು. ಜಿಲ್ಲೆಯಲ್ಲಿ ವಿವಿಧ ಸಂಘಟನೆಗಳ ಸಹಯೋಗದಲ್ಲಿ ಕಾರ್ಯಕ್ರಮ ನಡೆಯಿತು. ಕಾರ್ಯಕ್ರಮದಲ್ಲಿ ಮುಖಂಡರು, ಪದಾಧಿಕಾರಿಗಳು ಹಾಗೂ ಸಾರ್ವಜನಿಕರು ಭಾಗವಹಿಸಿದ್ದರು. ಸಮಾಜದ ಏಳಿಗೆಗೆ ಎಲ್ಲರೂ ಶ್ರಮಿಸಬೇಕು ಎಂದು ಅತಿಥಿಗಳು ಹೇಳಿದರು. ಜಿಲ್ಲೆಯಲ್ಲಿ ವಿವಿಧ ಸಂಘಟನೆಗಳ ಸಹಯೋಗದಲ್ಲಿ ಕಾರ್ಯಕ್ರಮ ನಡೆಯಿತು. ಕಾರ್ಯಕ್ರಮದಲ್ಲಿ ಮುಖಂಡರು, ಪದಾಧಿಕಾರಿಗಳು ಹಾಗೂ ಸಾರ್ವಜನಿಕರು ಭಾಗವಹಿಸಿದ್ದರು.
ಬೀದರ: ಜಿಲ್ಲೆಯಲ್ಲಿ ವಿವಿಧ ಸಂಘಟನೆಗಳ ಸಹಯೋಗದಲ್ಲಿ ಕಾರ್ಯಕ್ರಮ ನಡೆಯಿತು. ಕಾರ್ಯಕ್ರಮದಲ್ಲಿ ಮುಖಂಡರು, ಪದಾಧಿಕಾರಿಗಳು ಹಾಗೂ ಸಾರ್ವಜನಿಕರು ಭಾಗವಹಿಸಿದ್ದರು. ಸಮಾಜದ ಏಳಿಗೆಗೆ ಎಲ್ಲರೂ ಶ್ರಮಿಸಬೇಕು ಎಂದು ಅತಿಥಿಗಳು ಹೇಳಿದರು. ಜಿಲ್ಲೆಯಲ್ಲಿ ವಿವಿಧ ಸಂಘಟನೆಗಳ ಸಹಯೋಗದಲ್ಲಿ ಕಾರ್ಯಕ್ರಮ ನಡೆಯಿತು. ಕಾರ್ಯಕ್ರಮದಲ್ಲಿ ಮುಖಂಡರು, ಪದಾಧಿಕಾರಿಗಳು ಹಾಗೂ ಸಾರ್ವಜನಿಕರು ಭಾಗವಹಿಸಿದ್ದರು. ಸಮಾಜದ ಏಳಿಗೆಗೆ ಎಲ್ಲರೂ ಶ್ರಮಿಸಬೇಕು ಎಂದು ಅತಿಥಿಗಳು ಹೇಳಿದರು. ಜಿಲ್ಲೆಯಲ್ಲಿ ವಿವಿಧ ಸಂಘಟನೆಗಳ ಸಹಯೋಗದಲ್ಲಿ ಕಾರ್ಯಕ್ರಮ ನಡೆಯಿತು. ಕಾರ್ಯಕ್ರಮದಲ್ಲಿ ಮುಖಂಡರು, ಪದಾಧಿಕಾರಿಗಳು ಹಾಗೂ ಸಾರ್ವಜನಿಕರು ಭಾಗವಹಿಸಿದ್ದರು.
